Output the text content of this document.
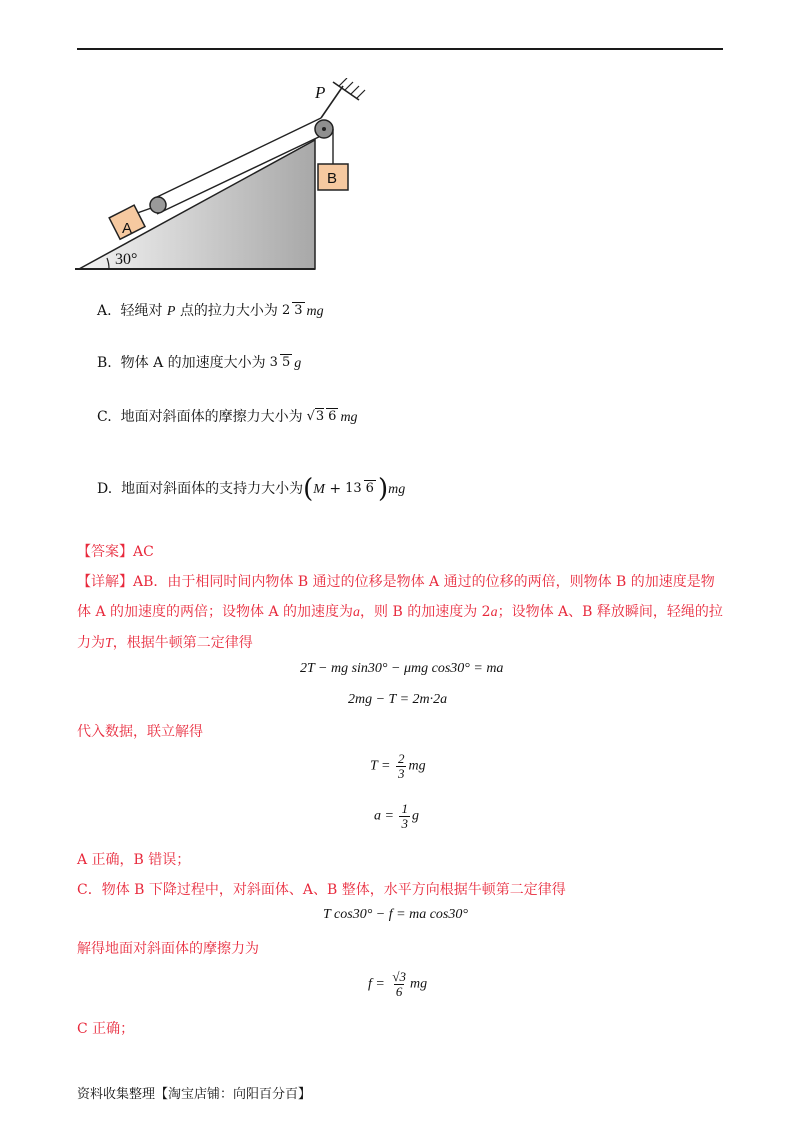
P
B
A
30°
A. 轻绳对 P 点的拉力大小为 2 3 mg
B. 物体 A 的加速度大小为 3 5 g
C. 地面对斜面体的摩擦力大小为 √3 6 mg
D. 地面对斜面体的支持力大小为(M + 13 6 )mg
【答案】AC
【详解】AB．由于相同时间内物体 B 通过的位移是物体 A 通过的位移的两倍，则物体 B 的加速度是物体 A 的加速度的两倍；设物体 A 的加速度为a，则 B 的加速度为 2a；设物体 A、B 释放瞬间，轻绳的拉力为T，根据牛顿第二定律得
2T − mg sin30° − μmg cos30° = ma
2mg − T = 2m·2a
代入数据，联立解得
$T = \frac{2}{3}$ mg
$a = \frac{1}{3}$ g
A 正确，B 错误；
C．物体 B 下降过程中，对斜面体、A、B 整体，水平方向根据牛顿第二定律得
T cos30° − f = ma cos30°
解得地面对斜面体的摩擦力为
$f = \frac{√3}{6}$ mg
C 正确；
资料收集整理【淘宝店铺：向阳百分百】
